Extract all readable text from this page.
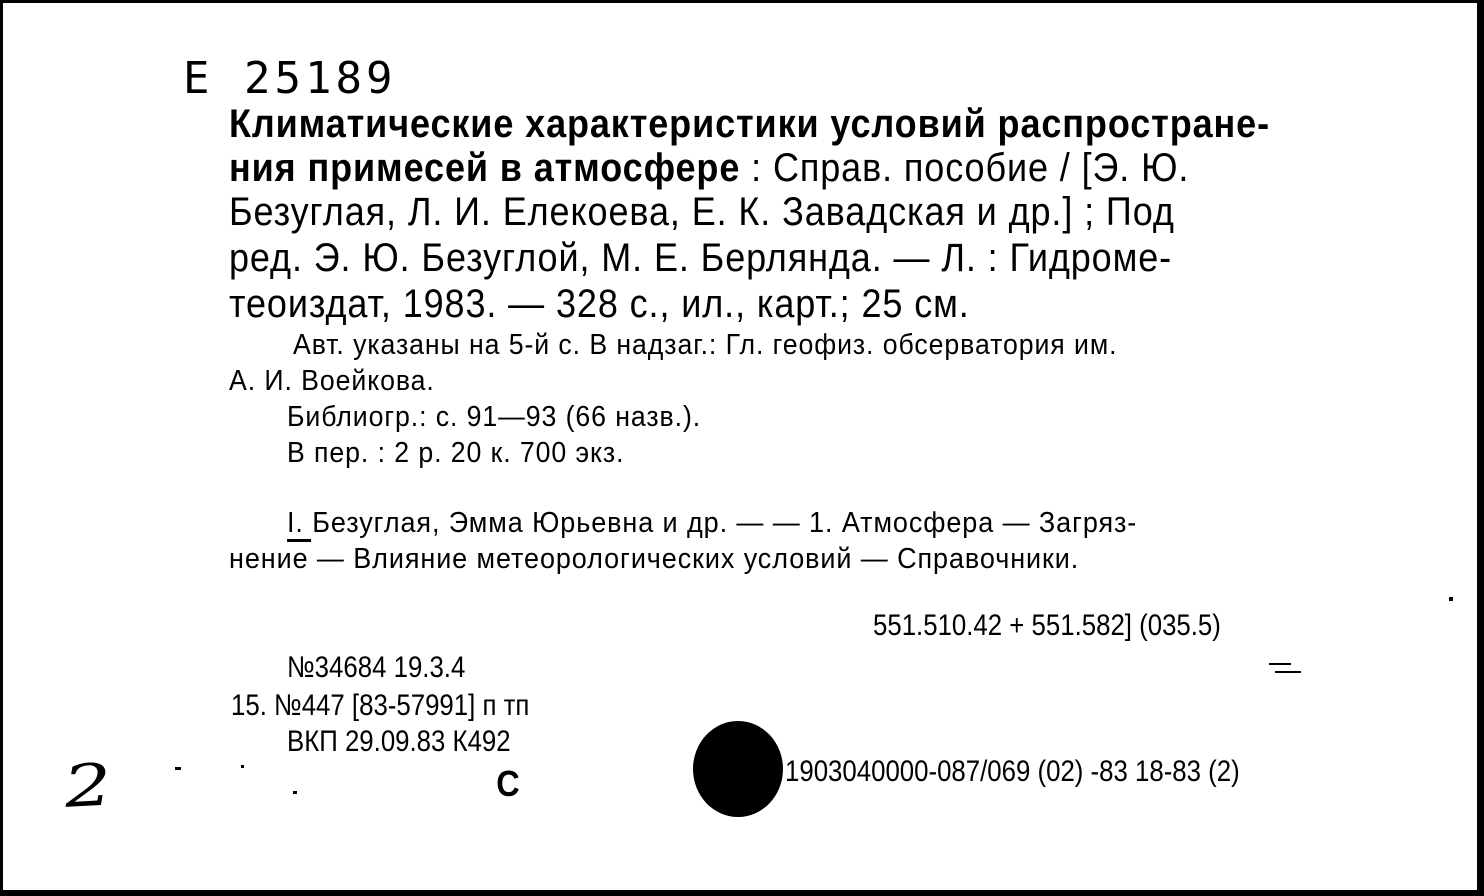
Е 25189
Климатические характеристики условий распростране-
ния примесей в атмосфере : Справ. пособие / [Э. Ю.
Безуглая, Л. И. Елекоева, Е. К. Завадская и др.] ; Под
ред. Э. Ю. Безуглой, М. Е. Берлянда. — Л. : Гидроме-
теоиздат, 1983. — 328 с., ил., карт.; 25 см.
Авт. указаны на 5-й с. В надзаг.: Гл. геофиз. обсерватория им.
А. И. Воейкова.
Библиогр.: с. 91—93 (66 назв.).
В пер. : 2 р. 20 к. 700 экз.
I. Безуглая, Эмма Юрьевна и др. — — 1. Атмосфера — Загряз-
нение — Влияние метеорологических условий — Справочники.
551.510.42 + 551.582] (035.5)
№34684 19.3.4
15. №447 [83-57991] п тп
ВКП 29.09.83 К492
С	1903040000-087/069 (02) -83 18-83 (2)
2
